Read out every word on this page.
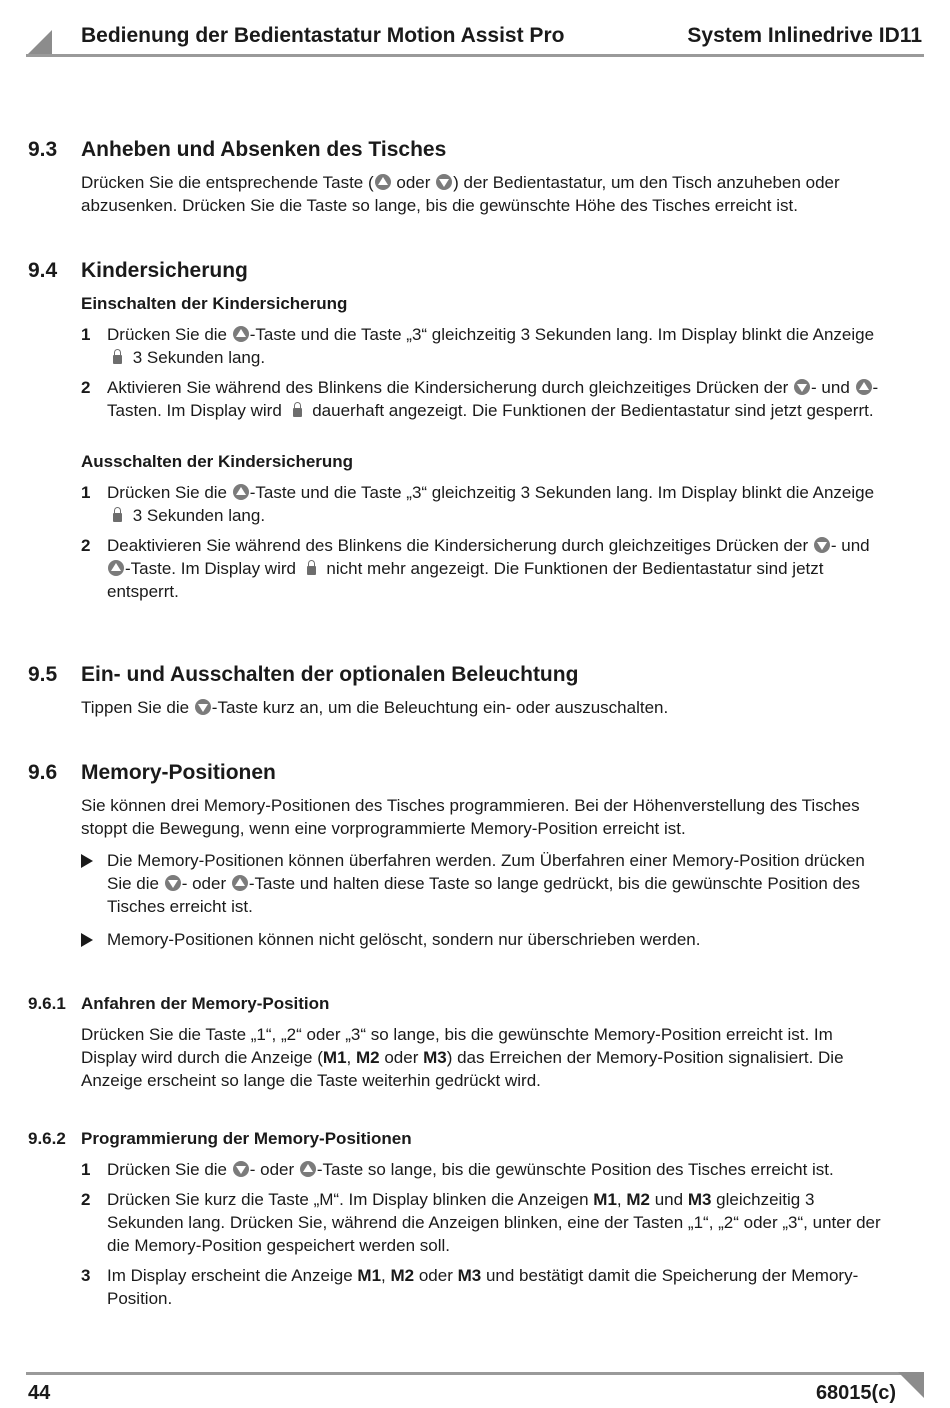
Bedienung der Bedientastatur Motion Assist Pro	System Inlinedrive ID11
9.3 Anheben und Absenken des Tisches
Drücken Sie die entsprechende Taste ( oder ) der Bedientastatur, um den Tisch anzuheben oder abzusenken. Drücken Sie die Taste so lange, bis die gewünschte Höhe des Tisches erreicht ist.
9.4 Kindersicherung
Einschalten der Kindersicherung
1 Drücken Sie die -Taste und die Taste „3“ gleichzeitig 3 Sekunden lang. Im Display blinkt die Anzeige  3 Sekunden lang.
2 Aktivieren Sie während des Blinkens die Kindersicherung durch gleichzeitiges Drücken der - und -Tasten. Im Display wird  dauerhaft angezeigt. Die Funktionen der Bedientastatur sind jetzt gesperrt.
Ausschalten der Kindersicherung
1 Drücken Sie die -Taste und die Taste „3“ gleichzeitig 3 Sekunden lang. Im Display blinkt die Anzeige  3 Sekunden lang.
2 Deaktivieren Sie während des Blinkens die Kindersicherung durch gleichzeitiges Drücken der - und -Taste. Im Display wird  nicht mehr angezeigt. Die Funktionen der Bedientastatur sind jetzt entsperrt.
9.5 Ein- und Ausschalten der optionalen Beleuchtung
Tippen Sie die -Taste kurz an, um die Beleuchtung ein- oder auszuschalten.
9.6 Memory-Positionen
Sie können drei Memory-Positionen des Tisches programmieren. Bei der Höhenverstellung des Tisches stoppt die Bewegung, wenn eine vorprogrammierte Memory-Position erreicht ist.
Die Memory-Positionen können überfahren werden. Zum Überfahren einer Memory-Position drücken Sie die - oder -Taste und halten diese Taste so lange gedrückt, bis die gewünschte Position des Tisches erreicht ist.
Memory-Positionen können nicht gelöscht, sondern nur überschrieben werden.
9.6.1 Anfahren der Memory-Position
Drücken Sie die Taste „1“, „2“ oder „3“ so lange, bis die gewünschte Memory-Position erreicht ist. Im Display wird durch die Anzeige (M1, M2 oder M3) das Erreichen der Memory-Position signalisiert. Die Anzeige erscheint so lange die Taste weiterhin gedrückt wird.
9.6.2 Programmierung der Memory-Positionen
1 Drücken Sie die - oder -Taste so lange, bis die gewünschte Position des Tisches erreicht ist.
2 Drücken Sie kurz die Taste „M“. Im Display blinken die Anzeigen M1, M2 und M3 gleichzeitig 3 Sekunden lang. Drücken Sie, während die Anzeigen blinken, eine der Tasten „1“, „2“ oder „3“, unter der die Memory-Position gespeichert werden soll.
3 Im Display erscheint die Anzeige M1, M2 oder M3 und bestätigt damit die Speicherung der Memory-Position.
44	68015(c)
